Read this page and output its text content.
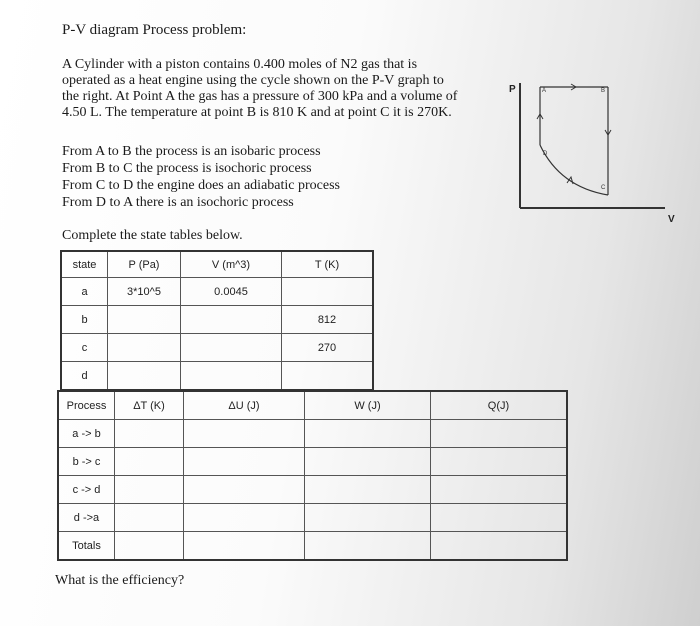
P-V diagram Process problem:
A Cylinder with a piston contains 0.400 moles of N2 gas that is
operated as a heat engine using the cycle shown on the P-V graph to
the right. At Point A the gas has a pressure of 300 kPa and a volume of
4.50 L. The temperature at point B is 810 K and at point C it is 270K.
From A to B the process is an isobaric process
From B to C the process is isochoric process
From C to D the engine does an adiabatic process
From D to A there is an isochoric process
Complete the state tables below.
state	P (Pa)	V (m^3)	T (K)
a	3*10^5	0.0045	
b			812
c			270
d			
Process	ΔT (K)	ΔU (J)	W (J)	Q(J)
a -> b				
b -> c				
c -> d				
d ->a				
Totals				
What is the efficiency?
P
V
A	B
C
D
